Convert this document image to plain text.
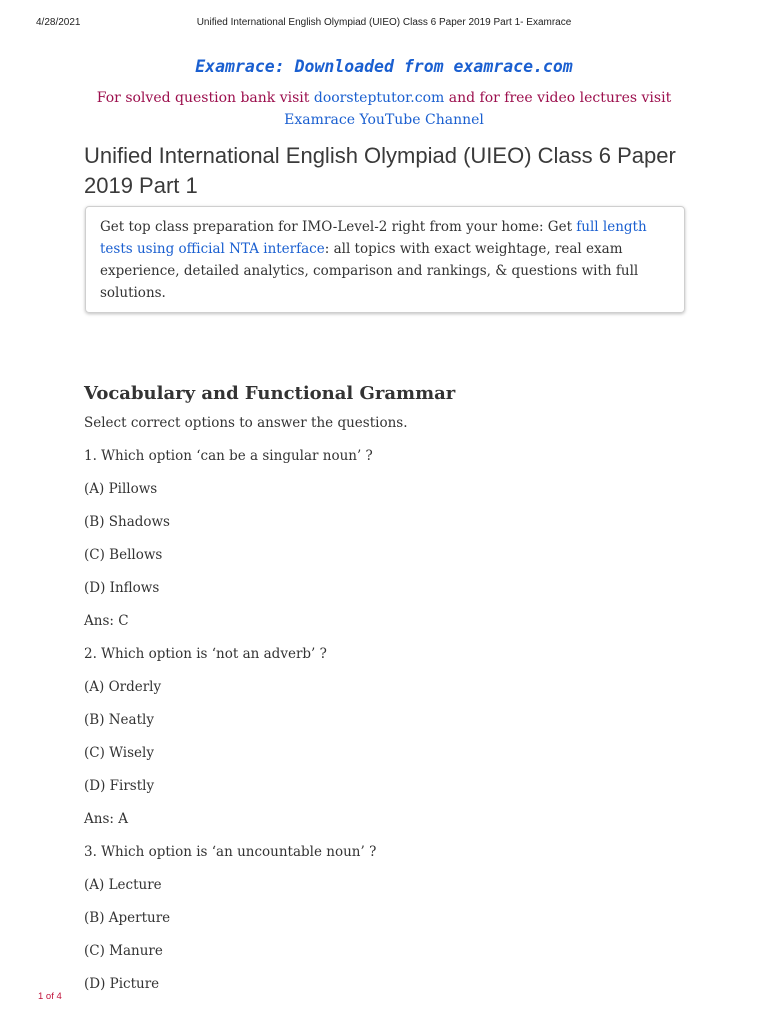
4/28/2021	Unified International English Olympiad (UIEO) Class 6 Paper 2019 Part 1- Examrace
Examrace: Downloaded from examrace.com
For solved question bank visit doorsteptutor.com and for free video lectures visit
Examrace YouTube Channel
Unified International English Olympiad (UIEO) Class 6 Paper 2019 Part 1
Get top class preparation for IMO-Level-2 right from your home: Get full length tests using official NTA interface: all topics with exact weightage, real exam experience, detailed analytics, comparison and rankings, & questions with full solutions.
Vocabulary and Functional Grammar
Select correct options to answer the questions.
1. Which option ‘can be a singular noun’ ?
(A) Pillows
(B) Shadows
(C) Bellows
(D) Inflows
Ans: C
2. Which option is ‘not an adverb’ ?
(A) Orderly
(B) Neatly
(C) Wisely
(D) Firstly
Ans: A
3. Which option is ‘an uncountable noun’ ?
(A) Lecture
(B) Aperture
(C) Manure
(D) Picture
1 of 4
